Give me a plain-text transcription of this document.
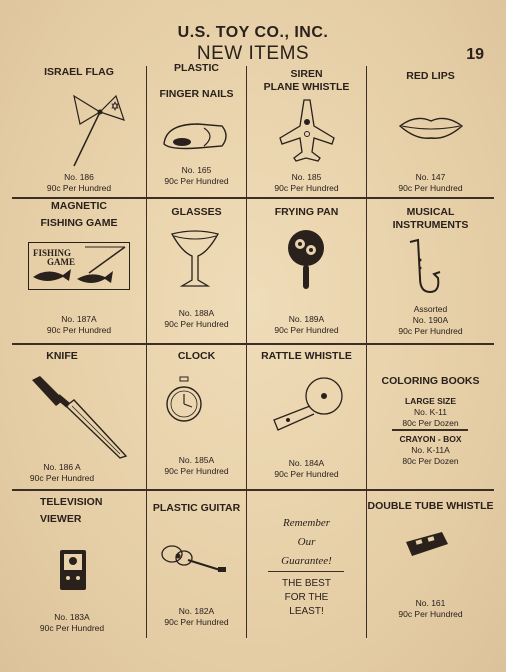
U.S. TOY CO., INC.
NEW ITEMS	19
ISRAEL FLAG
No. 186
90c Per Hundred
PLASTIC
FINGER NAILS
No. 165
90c Per Hundred
SIREN
PLANE WHISTLE
No. 185
90c Per Hundred
RED LIPS
No. 147
90c Per Hundred
MAGNETIC
FISHING GAME
FISHING
GAME
No. 187A
90c Per Hundred
GLASSES
No. 188A
90c Per Hundred
FRYING PAN
No. 189A
90c Per Hundred
MUSICAL
INSTRUMENTS
Assorted
No. 190A
90c Per Hundred
KNIFE
No. 186 A
90c Per Hundred
CLOCK
No. 185A
90c Per Hundred
RATTLE WHISTLE
No. 184A
90c Per Hundred
COLORING BOOKS
LARGE SIZE
No. K-11
80c Per Dozen
CRAYON - BOX
No. K-11A
80c Per Dozen
TELEVISION
VIEWER
No. 183A
90c Per Hundred
PLASTIC GUITAR
No. 182A
90c Per Hundred
Remember
Our
Guarantee!
THE BEST
FOR THE
LEAST!
DOUBLE TUBE WHISTLE
No. 161
90c Per Hundred
